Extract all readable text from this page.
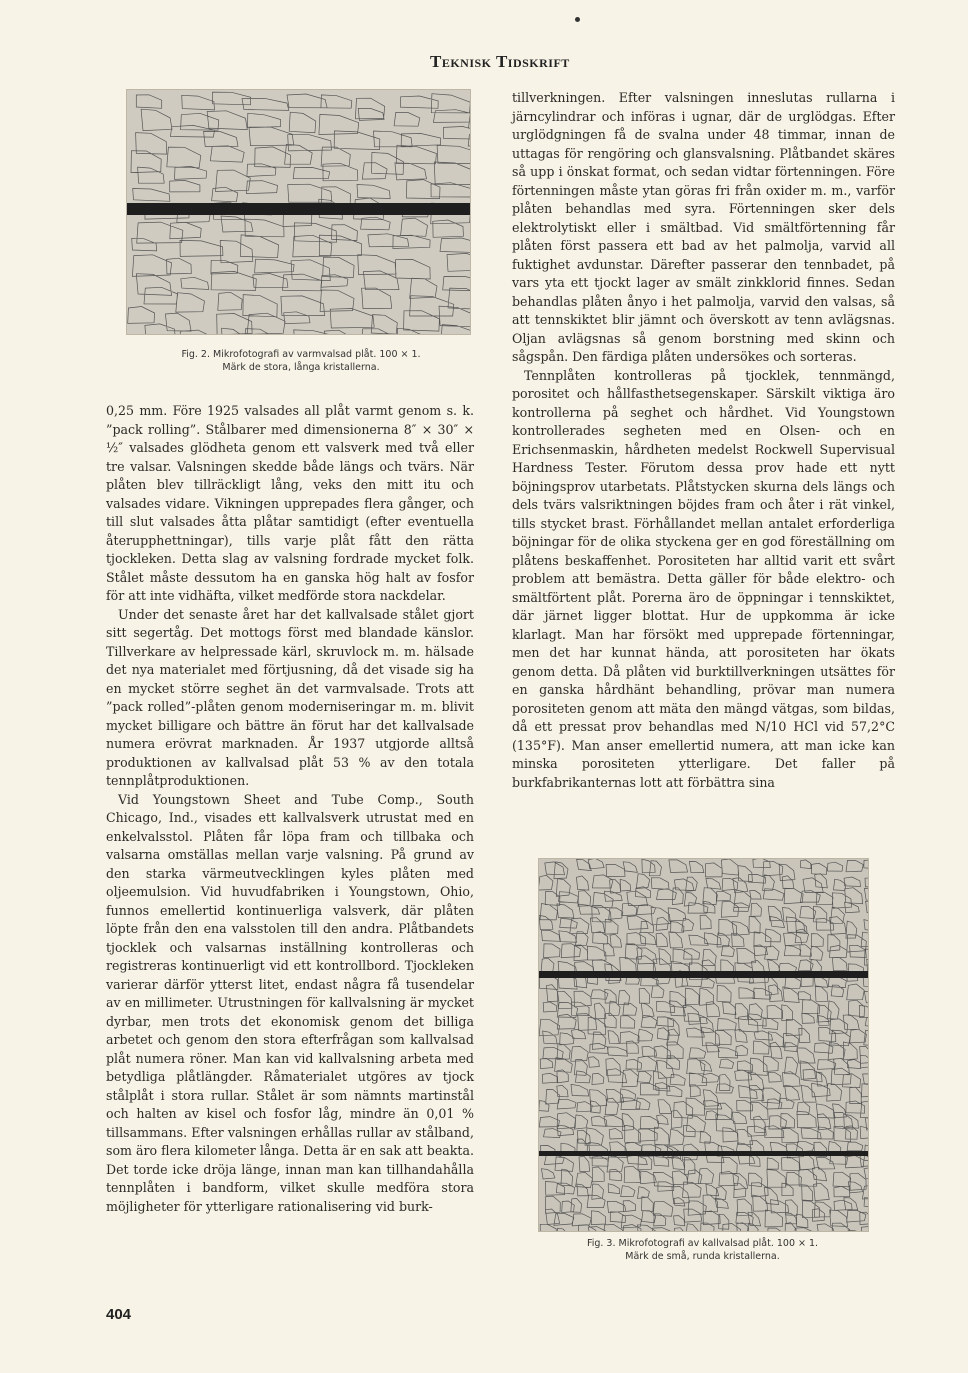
Teknisk Tidskrift
Fig. 2. Mikrofotografi av varmvalsad plåt. 100 × 1.
Märk de stora, långa kristallerna.

0,25 mm. Före 1925 valsades all plåt varmt genom s. k. ”pack rolling”. Stålbarer med dimensionerna 8″ × 30″ × ½″ valsades glödheta genom ett valsverk med två eller tre valsar. Valsningen skedde både längs och tvärs. När plåten blev tillräckligt lång, veks den mitt itu och valsades vidare. Vikningen upprepades flera gånger, och till slut valsades åtta plåtar samtidigt (efter eventuella återupphettningar), tills varje plåt fått den rätta tjockleken. Detta slag av valsning fordrade mycket folk. Stålet måste dessutom ha en ganska hög halt av fosfor för att inte vidhäfta, vilket medförde stora nackdelar.

Under det senaste året har det kallvalsade stålet gjort sitt segertåg. Det mottogs först med blandade känslor. Tillverkare av helpressade kärl, skruvlock m. m. hälsade det nya materialet med förtjusning, då det visade sig ha en mycket större seghet än det varmvalsade. Trots att ”pack rolled”-plåten genom moderniseringar m. m. blivit mycket billigare och bättre än förut har det kallvalsade numera erövrat marknaden. År 1937 utgjorde alltså produktionen av kallvalsad plåt 53 % av den totala tennplåtproduktionen.

Vid Youngstown Sheet and Tube Comp., South Chicago, Ind., visades ett kallvalsverk utrustat med en enkelvalsstol. Plåten får löpa fram och tillbaka och valsarna omställas mellan varje valsning. På grund av den starka värmeutvecklingen kyles plåten med oljeemulsion. Vid huvudfabriken i Youngstown, Ohio, funnos emellertid kontinuerliga valsverk, där plåten löpte från den ena valsstolen till den andra. Plåtbandets tjocklek och valsarnas inställning kontrolleras och registreras kontinuerligt vid ett kontrollbord. Tjockleken varierar därför ytterst litet, endast några få tusendelar av en millimeter. Utrustningen för kallvalsning är mycket dyrbar, men trots det ekonomisk genom det billiga arbetet och genom den stora efterfrågan som kallvalsad plåt numera röner. Man kan vid kallvalsning arbeta med betydliga plåtlängder. Råmaterialet utgöres av tjock stålplåt i stora rullar. Stålet är som nämnts martinstål och halten av kisel och fosfor låg, mindre än 0,01 % tillsammans. Efter valsningen erhållas rullar av stålband, som äro flera kilometer långa. Detta är en sak att beakta. Det torde icke dröja länge, innan man kan tillhandahålla tennplåten i bandform, vilket skulle medföra stora möjligheter för ytterligare rationalisering vid burk-

tillverkningen. Efter valsningen inneslutas rullarna i järncylindrar och införas i ugnar, där de urglödgas. Efter urglödgningen få de svalna under 48 timmar, innan de uttagas för rengöring och glansvalsning. Plåtbandet skäres så upp i önskat format, och sedan vidtar förtenningen. Före förtenningen måste ytan göras fri från oxider m. m., varför plåten behandlas med syra. Förtenningen sker dels elektrolytiskt eller i smältbad. Vid smältförtenning får plåten först passera ett bad av het palmolja, varvid all fuktighet avdunstar. Därefter passerar den tennbadet, på vars yta ett tjockt lager av smält zinkklorid finnes. Sedan behandlas plåten ånyo i het palmolja, varvid den valsas, så att tennskiktet blir jämnt och överskott av tenn avlägsnas. Oljan avlägsnas så genom borstning med skinn och sågspån. Den färdiga plåten undersökes och sorteras.

Tennplåten kontrolleras på tjocklek, tennmängd, porositet och hållfasthetsegenskaper. Särskilt viktiga äro kontrollerna på seghet och hårdhet. Vid Youngstown kontrollerades segheten med en Olsen- och en Erichsenmaskin, hårdheten medelst Rockwell Supervisual Hardness Tester. Förutom dessa prov hade ett nytt böjningsprov utarbetats. Plåtstycken skurna dels längs och dels tvärs valsriktningen böjdes fram och åter i rät vinkel, tills stycket brast. Förhållandet mellan antalet erforderliga böjningar för de olika styckena ger en god föreställning om plåtens beskaffenhet. Porositeten har alltid varit ett svårt problem att bemästra. Detta gäller för både elektro- och smältförtent plåt. Porerna äro de öppningar i tennskiktet, där järnet ligger blottat. Hur de uppkomma är icke klarlagt. Man har försökt med upprepade förtenningar, men det har kunnat hända, att porositeten har ökats genom detta. Då plåten vid burktillverkningen utsättes för en ganska hårdhänt behandling, prövar man numera porositeten genom att mäta den mängd vätgas, som bildas, då ett pressat prov behandlas med N/10 HCl vid 57,2°C (135°F). Man anser emellertid numera, att man icke kan minska porositeten ytterligare. Det faller på burkfabrikanternas lott att förbättra sina

Fig. 3. Mikrofotografi av kallvalsad plåt. 100 × 1.
Märk de små, runda kristallerna.
404
